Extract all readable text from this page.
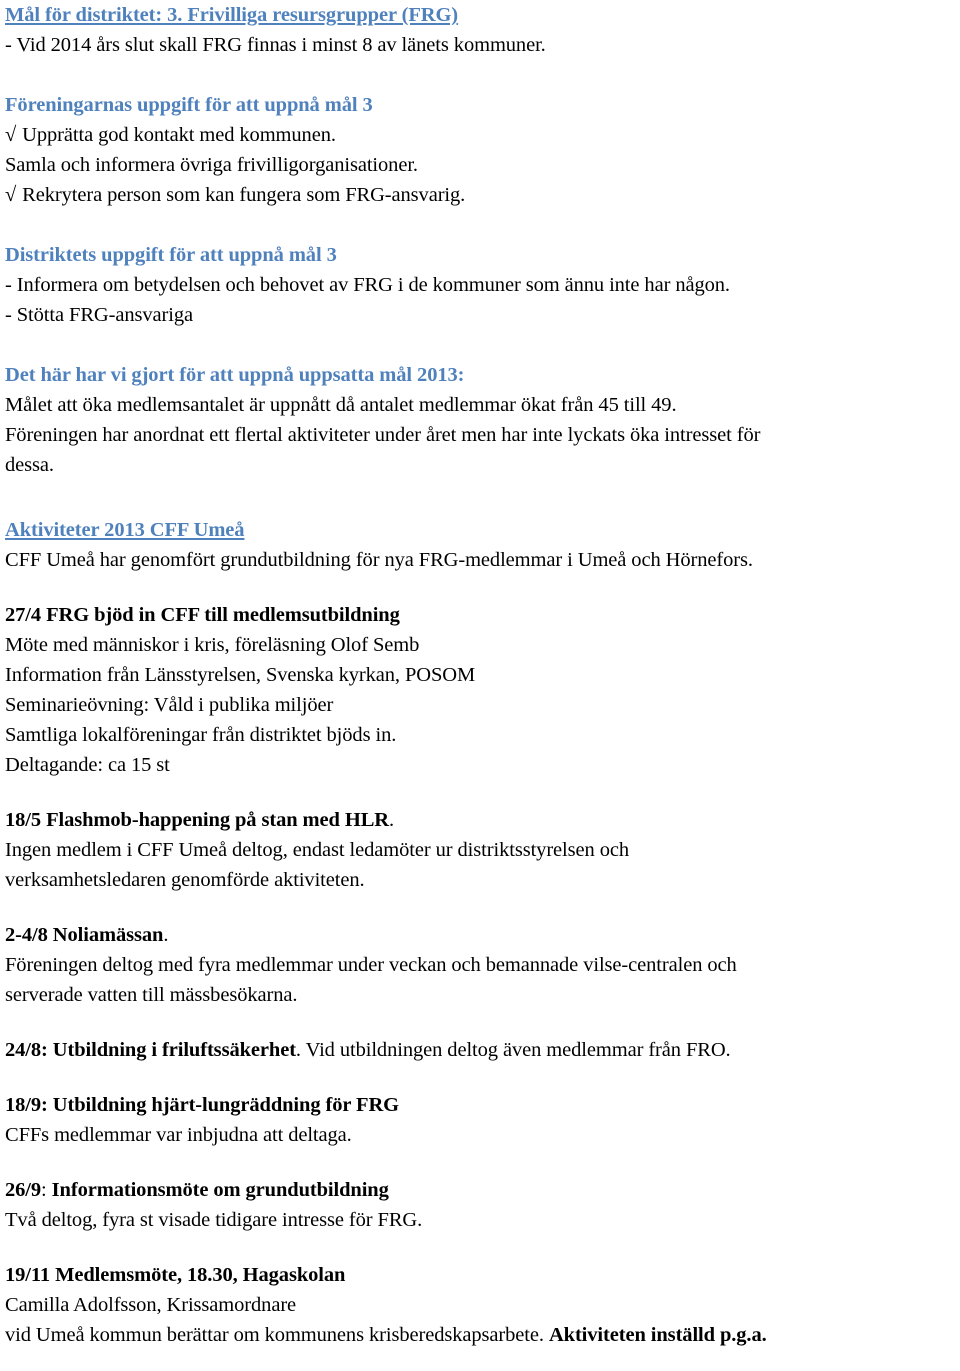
Mål för distriktet: 3. Frivilliga resursgrupper (FRG)
- Vid 2014 års slut skall FRG finnas i minst 8 av länets kommuner.
Föreningarnas uppgift för att uppnå mål 3
√ Upprätta god kontakt med kommunen.
Samla och informera övriga frivilligorganisationer.
√ Rekrytera person som kan fungera som FRG-ansvarig.
Distriktets uppgift för att uppnå mål 3
- Informera om betydelsen och behovet av FRG i de kommuner som ännu inte har någon.
- Stötta FRG-ansvariga
Det här har vi gjort för att uppnå uppsatta mål 2013:
Målet att öka medlemsantalet är uppnått då antalet medlemmar ökat från 45 till 49.
Föreningen har anordnat ett flertal aktiviteter under året men har inte lyckats öka intresset för
dessa.
Aktiviteter 2013 CFF Umeå
CFF Umeå har genomfört grundutbildning för nya FRG-medlemmar i Umeå och Hörnefors.
27/4 FRG bjöd in CFF till medlemsutbildning
Möte med människor i kris, föreläsning Olof Semb
Information från Länsstyrelsen, Svenska kyrkan, POSOM
Seminarieövning: Våld i publika miljöer
Samtliga lokalföreningar från distriktet bjöds in.
Deltagande: ca 15 st
18/5 Flashmob-happening på stan med HLR.
Ingen medlem i CFF Umeå deltog, endast ledamöter ur distriktsstyrelsen och
verksamhetsledaren genomförde aktiviteten.
2-4/8 Noliamässan.
Föreningen deltog med fyra medlemmar under veckan och bemannade vilse-centralen och
serverade vatten till mässbesökarna.
24/8: Utbildning i friluftssäkerhet. Vid utbildningen deltog även medlemmar från FRO.
18/9: Utbildning hjärt-lungräddning för FRG
CFFs medlemmar var inbjudna att deltaga.
26/9: Informationsmöte om grundutbildning
Två deltog, fyra st visade tidigare intresse för FRG.
19/11 Medlemsmöte, 18.30, Hagaskolan
Camilla Adolfsson, Krissamordnare
vid Umeå kommun berättar om kommunens krisberedskapsarbete. Aktiviteten inställd p.g.a.
